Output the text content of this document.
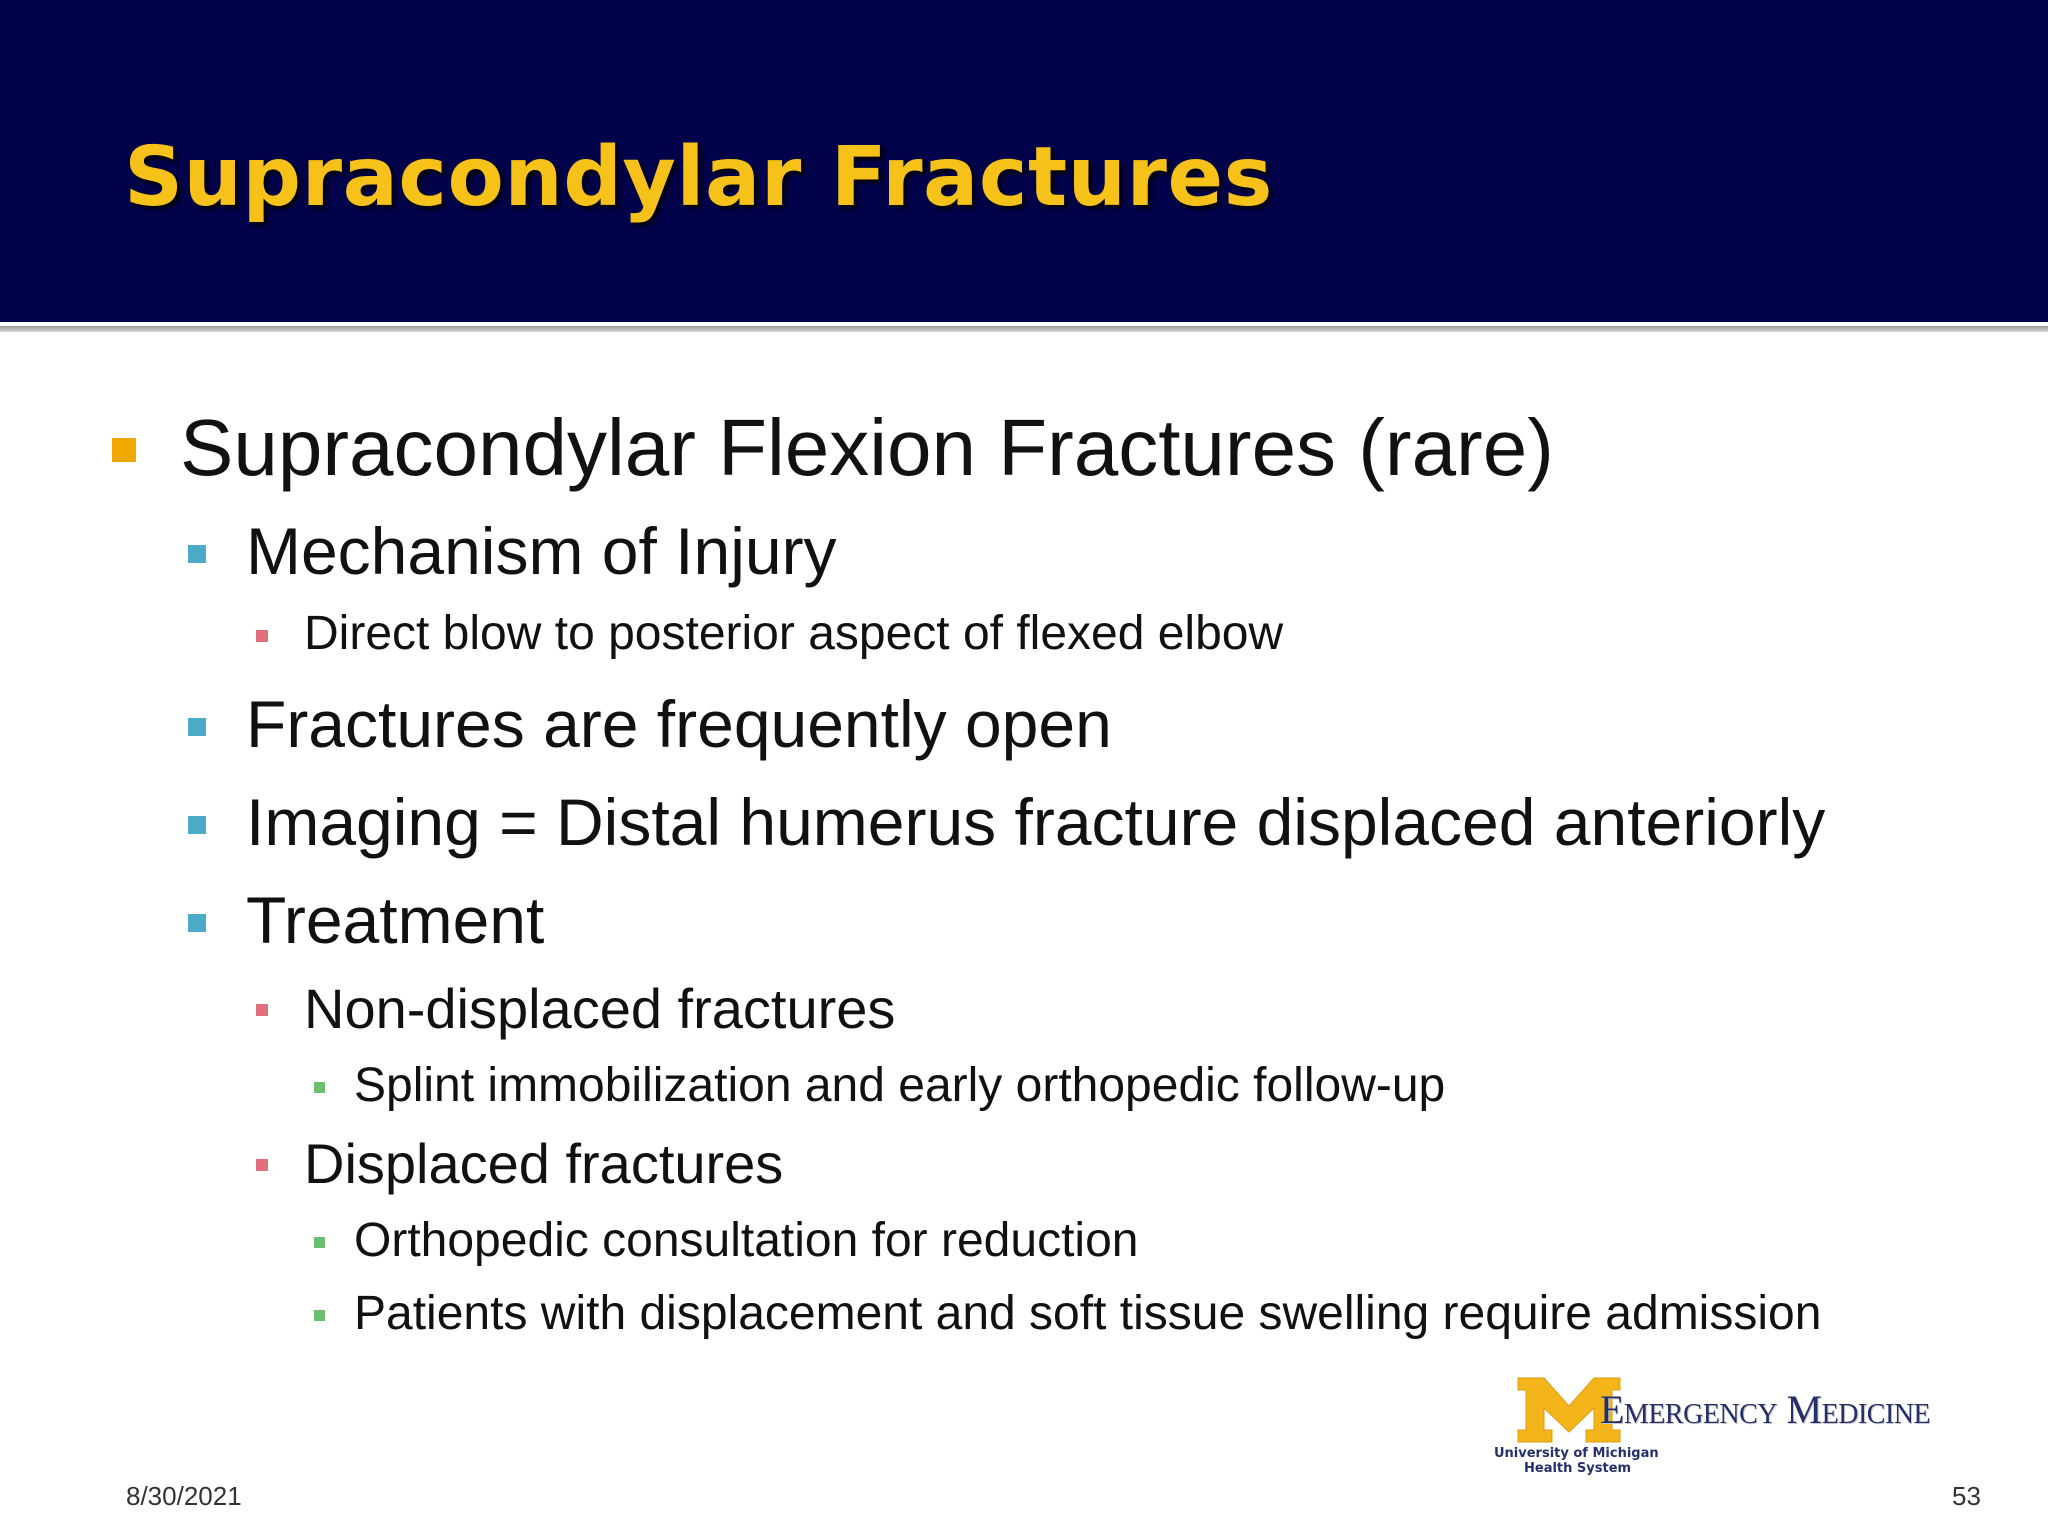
Supracondylar Fractures
Supracondylar Flexion Fractures (rare)
Mechanism of Injury
Direct blow to posterior aspect of flexed elbow
Fractures are frequently open
Imaging = Distal humerus fracture displaced anteriorly
Treatment
Non-displaced fractures
Splint immobilization and early orthopedic follow-up
Displaced fractures
Orthopedic consultation for reduction
Patients with displacement and soft tissue swelling require admission
Emergency Medicine
University of Michigan
Health System
8/30/2021	53
